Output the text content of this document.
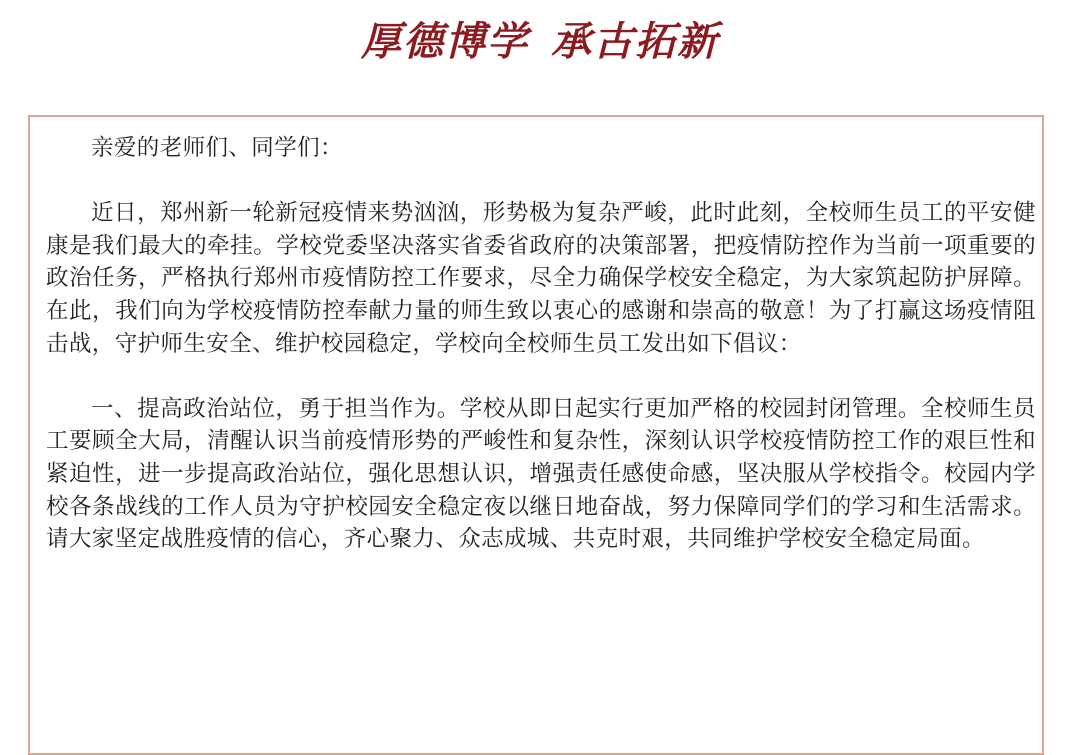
厚德博学 承古拓新

亲爱的老师们、同学们：

近日，郑州新一轮新冠疫情来势汹汹，形势极为复杂严峻，此时此刻，全校师生员工的平安健康是我们最大的牵挂。学校党委坚决落实省委省政府的决策部署，把疫情防控作为当前一项重要的政治任务，严格执行郑州市疫情防控工作要求，尽全力确保学校安全稳定，为大家筑起防护屏障。在此，我们向为学校疫情防控奉献力量的师生致以衷心的感谢和崇高的敬意！为了打赢这场疫情阻击战，守护师生安全、维护校园稳定，学校向全校师生员工发出如下倡议：

一、提高政治站位，勇于担当作为。学校从即日起实行更加严格的校园封闭管理。全校师生员工要顾全大局，清醒认识当前疫情形势的严峻性和复杂性，深刻认识学校疫情防控工作的艰巨性和紧迫性，进一步提高政治站位，强化思想认识，增强责任感使命感，坚决服从学校指令。校园内学校各条战线的工作人员为守护校园安全稳定夜以继日地奋战，努力保障同学们的学习和生活需求。请大家坚定战胜疫情的信心，齐心聚力、众志成城、共克时艰，共同维护学校安全稳定局面。
